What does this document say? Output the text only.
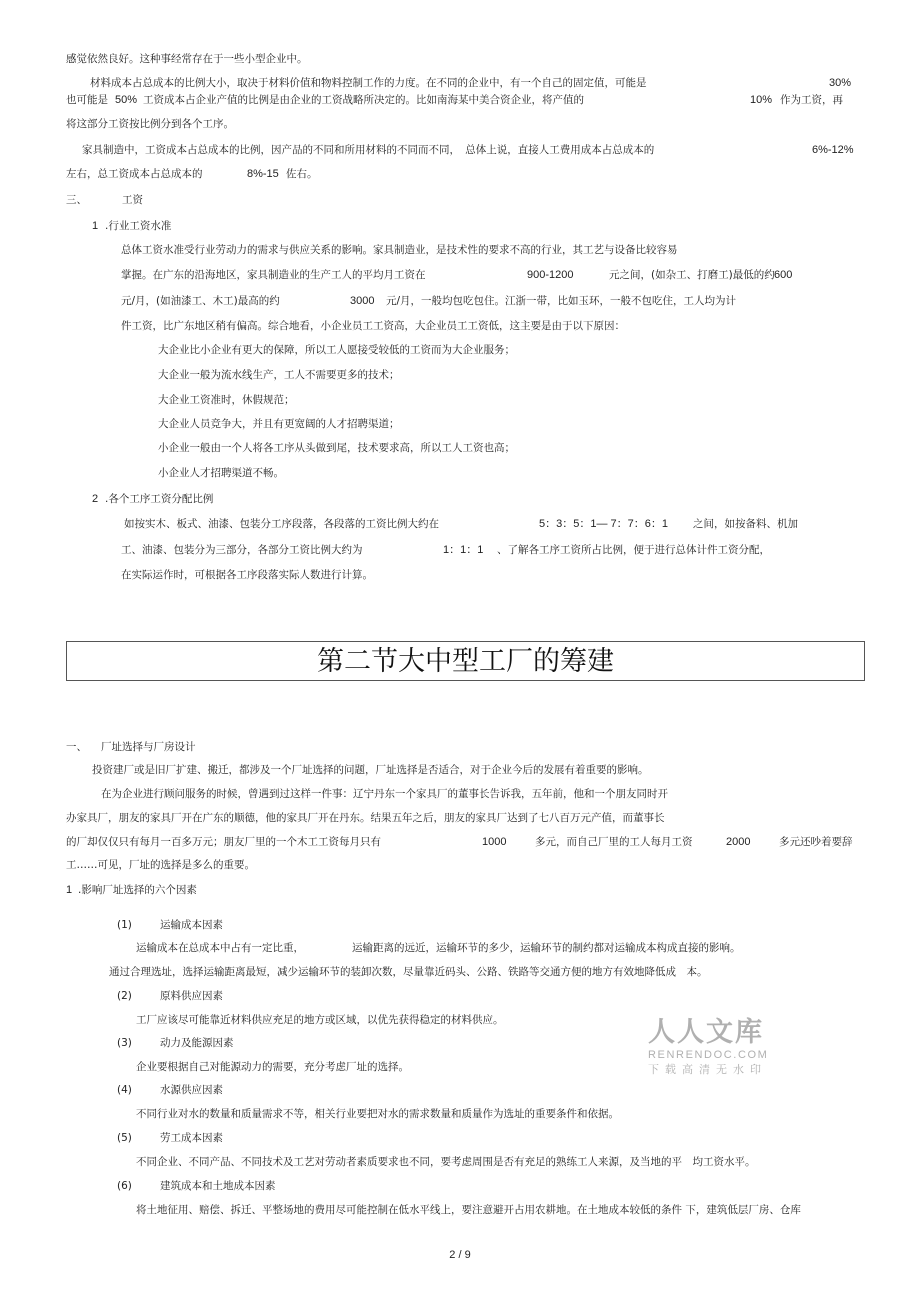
感觉依然良好。这种事经常存在于一些小型企业中。
材料成本占总成本的比例大小，取决于材料价值和物料控制工作的力度。在不同的企业中，有一个自己的固定值，可能是	30%
也可能是 50% 工资成本占企业产值的比例是由企业的工资战略所决定的。比如南海某中美合资企业，将产值的	10% 作为工资，再
将这部分工资按比例分到各个工序。
家具制造中，工资成本占总成本的比例，因产品的不同和所用材料的不同而不同，　总体上说，直接人工费用成本占总成本的	6%-12%
左右，总工资成本占总成本的	8%-15 佐右。
三、	工资
1 .行业工资水准
总体工资水准受行业劳动力的需求与供应关系的影响。家具制造业，是技术性的要求不高的行业，其工艺与设备比较容易
掌握。在广东的沿海地区，家具制造业的生产工人的平均月工资在	900-1200	元之间，(如杂工、打磨工)最低的约 600
元/月，(如油漆工、木工)最高的约	3000 元/月，一般均包吃包住。江浙一带，比如玉环，一般不包吃住，工人均为计
件工资，比广东地区稍有偏高。综合地看，小企业员工工资高，大企业员工工资低，这主要是由于以下原因：
大企业比小企业有更大的保障，所以工人愿接受较低的工资而为大企业服务；
大企业一般为流水线生产，工人不需要更多的技术；
大企业工资准时，休假规范；
大企业人员竞争大，并且有更宽阔的人才招聘渠道；
小企业一般由一个人将各工序从头做到尾，技术要求高，所以工人工资也高；
小企业人才招聘渠道不畅。
2 .各个工序工资分配比例
如按实木、板式、油漆、包装分工序段落，各段落的工资比例大约在	5：3：5：1— 7：7：6：1 之间，如按备料、机加
工、油漆、包装分为三部分，各部分工资比例大约为	1：1：1 、了解各工序工资所占比例，便于进行总体计件工资分配，
在实际运作时，可根据各工序段落实际人数进行计算。
一、 厂址选择与厂房设计
投资建厂或是旧厂扩建、搬迁，都涉及一个厂址选择的问题，厂址选择是否适合，对于企业今后的发展有着重要的影响。
在为企业进行顾问服务的时候，曾遇到过这样一件事：辽宁丹东一个家具厂的董事长告诉我，五年前，他和一个朋友同时开
办家具厂，朋友的家具厂开在广东的顺德，他的家具厂开在丹东。结果五年之后，朋友的家具厂达到了七八百万元产值，而董事长
的厂却仅仅只有每月一百多万元；朋友厂里的一个木工工资每月只有	1000	多元，而自己厂里的工人每月工资	2000	多元还吵着要辞
工……可见，厂址的选择是多么的重要。
1 .影响厂址选择的六个因素
(1)	运输成本因素
运输成本在总成本中占有一定比重，	运输距离的远近，运输环节的多少，运输环节的制约都对运输成本构成直接的影响。
通过合理选址，选择运输距离最短，减少运输环节的装卸次数，尽量靠近码头、公路、铁路等交通方便的地方有效地降低成　本。
(2)	原料供应因素
工厂应该尽可能靠近材料供应充足的地方或区域，以优先获得稳定的材料供应。
(3)	动力及能源因素
企业要根据自己对能源动力的需要，充分考虑厂址的选择。
(4)	水源供应因素
不同行业对水的数量和质量需求不等，相关行业要把对水的需求数量和质量作为选址的重要条件和依据。
(5)	劳工成本因素
不同企业、不同产品、不同技术及工艺对劳动者素质要求也不同，要考虑周围是否有充足的熟练工人来源，及当地的平　均工资水平。
(6)	建筑成本和土地成本因素
将土地征用、赔偿、拆迁、平整场地的费用尽可能控制在低水平线上，要注意避开占用农耕地。在土地成本较低的条件 下，建筑低层厂房、仓库
第二节大中型工厂的筹建
人人文库
RENRENDOC.COM
下载高清无水印
2 / 9
